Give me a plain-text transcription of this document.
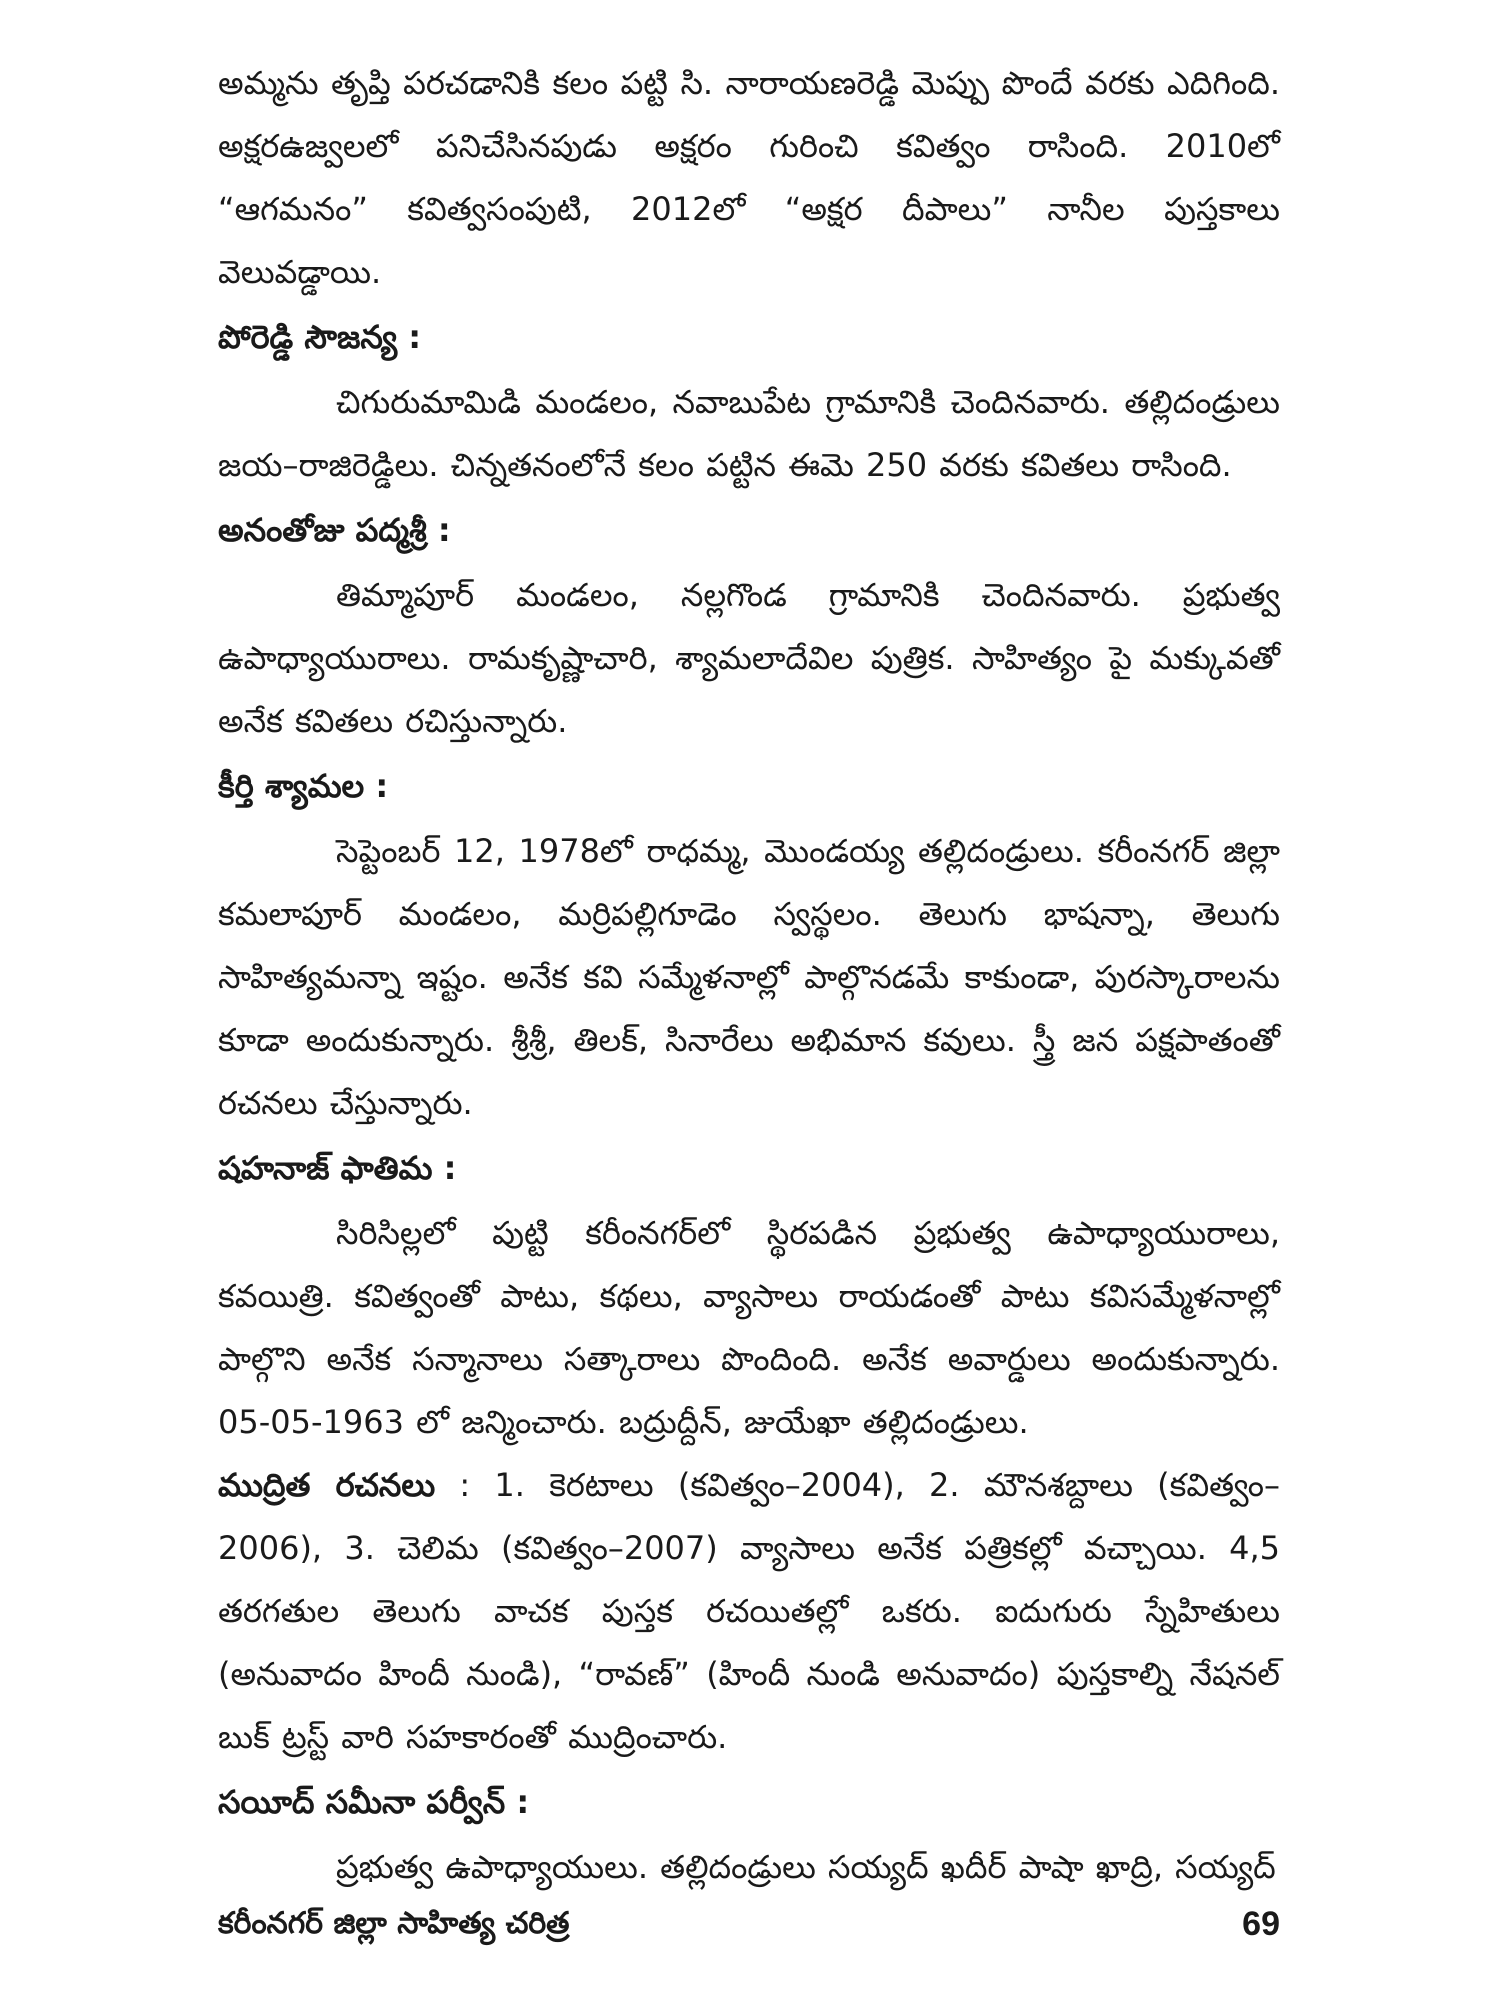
అమ్మను తృప్తి పరచడానికి కలం పట్టి సి. నారాయణరెడ్డి మెప్పు పొందే వరకు ఎదిగింది. అక్షరఉజ్వలలో పనిచేసినపుడు అక్షరం గురించి కవిత్వం రాసింది. 2010లో “ఆగమనం” కవిత్వసంపుటి, 2012లో “అక్షర దీపాలు” నానీల పుస్తకాలు వెలువడ్డాయి.

పోరెడ్డి సౌజన్య :

చిగురుమామిడి మండలం, నవాబుపేట గ్రామానికి చెందినవారు. తల్లిదండ్రులు జయ–రాజిరెడ్డిలు. చిన్నతనంలోనే కలం పట్టిన ఈమె 250 వరకు కవితలు రాసింది.

అనంతోజు పద్మశ్రీ :

తిమ్మాపూర్ మండలం, నల్లగొండ గ్రామానికి చెందినవారు. ప్రభుత్వ ఉపాధ్యాయురాలు. రామకృష్ణాచారి, శ్యామలాదేవిల పుత్రిక. సాహిత్యం పై మక్కువతో అనేక కవితలు రచిస్తున్నారు.

కీర్తి శ్యామల :

సెప్టెంబర్ 12, 1978లో రాధమ్మ, మొండయ్య తల్లిదండ్రులు. కరీంనగర్ జిల్లా కమలాపూర్ మండలం, మర్రిపల్లిగూడెం స్వస్థలం. తెలుగు భాషన్నా, తెలుగు సాహిత్యమన్నా ఇష్టం. అనేక కవి సమ్మేళనాల్లో పాల్గొనడమే కాకుండా, పురస్కారాలను కూడా అందుకున్నారు. శ్రీశ్రీ, తిలక్, సినారేలు అభిమాన కవులు. స్త్రీ జన పక్షపాతంతో రచనలు చేస్తున్నారు.

షహనాజ్ ఫాతిమ :

సిరిసిల్లలో పుట్టి కరీంనగర్‌లో స్థిరపడిన ప్రభుత్వ ఉపాధ్యాయురాలు, కవయిత్రి. కవిత్వంతో పాటు, కథలు, వ్యాసాలు రాయడంతో పాటు కవిసమ్మేళనాల్లో పాల్గొని అనేక సన్మానాలు సత్కారాలు పొందింది. అనేక అవార్డులు అందుకున్నారు. 05-05-1963 లో జన్మించారు. బద్రుద్దీన్, జుయేఖా తల్లిదండ్రులు.

ముద్రిత రచనలు : 1. కెరటాలు (కవిత్వం–2004), 2. మౌనశబ్దాలు (కవిత్వం–2006), 3. చెలిమ (కవిత్వం–2007) వ్యాసాలు అనేక పత్రికల్లో వచ్చాయి. 4,5 తరగతుల తెలుగు వాచక పుస్తక రచయితల్లో ఒకరు. ఐదుగురు స్నేహితులు (అనువాదం హిందీ నుండి), “రావణ్” (హిందీ నుండి అనువాదం) పుస్తకాల్ని నేషనల్ బుక్ ట్రస్ట్ వారి సహకారంతో ముద్రించారు.

సయీద్ సమీనా పర్వీన్ :

ప్రభుత్వ ఉపాధ్యాయులు. తల్లిదండ్రులు సయ్యద్ ఖదీర్ పాషా ఖాద్రి, సయ్యద్

కరీంనగర్ జిల్లా సాహిత్య చరిత్ర	69
